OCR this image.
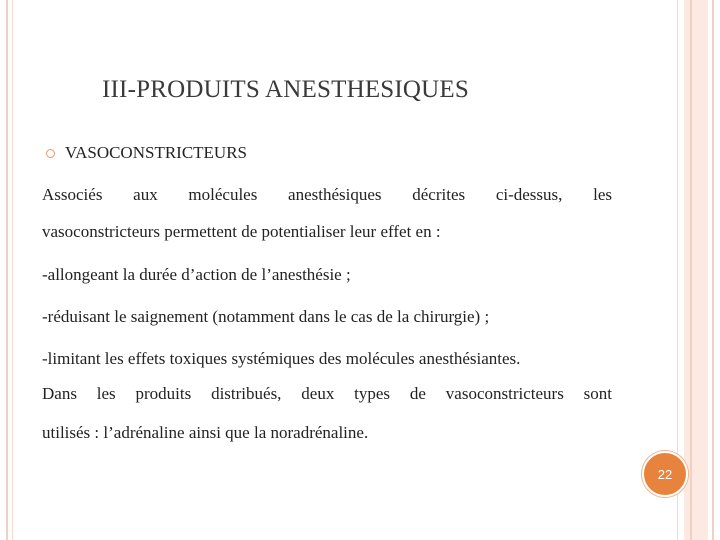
III-PRODUITS ANESTHESIQUES
VASOCONSTRICTEURS
Associés aux molécules anesthésiques décrites ci-dessus, les
vasoconstricteurs permettent de potentialiser leur effet en :
-allongeant la durée d’action de l’anesthésie ;
-réduisant le saignement (notamment dans le cas de la chirurgie) ;
-limitant les effets toxiques systémiques des molécules anesthésiantes.
Dans les produits distribués, deux types de vasoconstricteurs sont
utilisés : l’adrénaline ainsi que la noradrénaline.
22
